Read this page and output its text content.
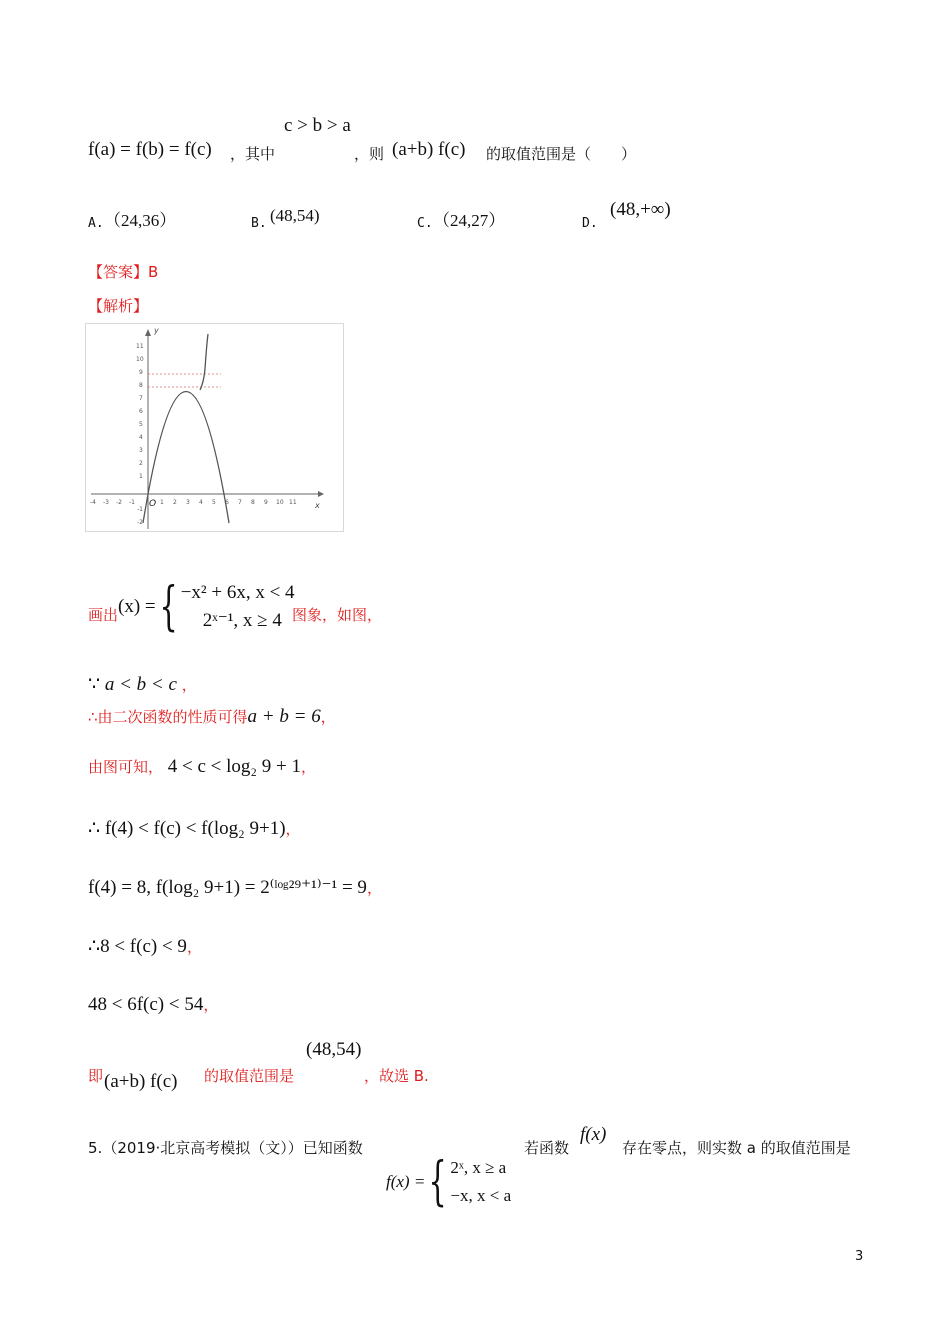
c > b > a
f(a) = f(b) = f(c) ，其中	，则 (a+b) f(c) 的取值范围是（　　）
A. （24,36）	B. (48,54)	C. （24,27）	D.
(48,+∞)
【答案】B
【解析】
y
x
O
-4 -3 -2 -1	1 2 3 4 5 6 7 8 9 10 11
11
10
9
8
7
6
5
4
3
2
1
-1
-2
画出 (x) = { −x² + 6x, x < 4
2ˣ⁻¹, x ≥ 4 图象，如图，
∵ a < b < c ，
∴由二次函数的性质可得a + b = 6，
由图可知， 4 < c < log₂ 9 + 1，
∴ f(4) < f(c) < f(log₂ 9+1)，
f(4) = 8, f(log₂ 9+1) = 2⁽ˡᵒᵍ²⁹⁺¹⁾⁻¹ = 9，
∴8 < f(c) < 9，
48 < 6f(c) < 54，
(48,54)
即 (a+b) f(c) 的取值范围是	，故选 B.
5.（2019·北京高考模拟（文））已知函数	若函数
f(x)
存在零点，则实数 a 的取值范围是
f(x) = { 2ˣ, x ≥ a
−x, x < a
3
